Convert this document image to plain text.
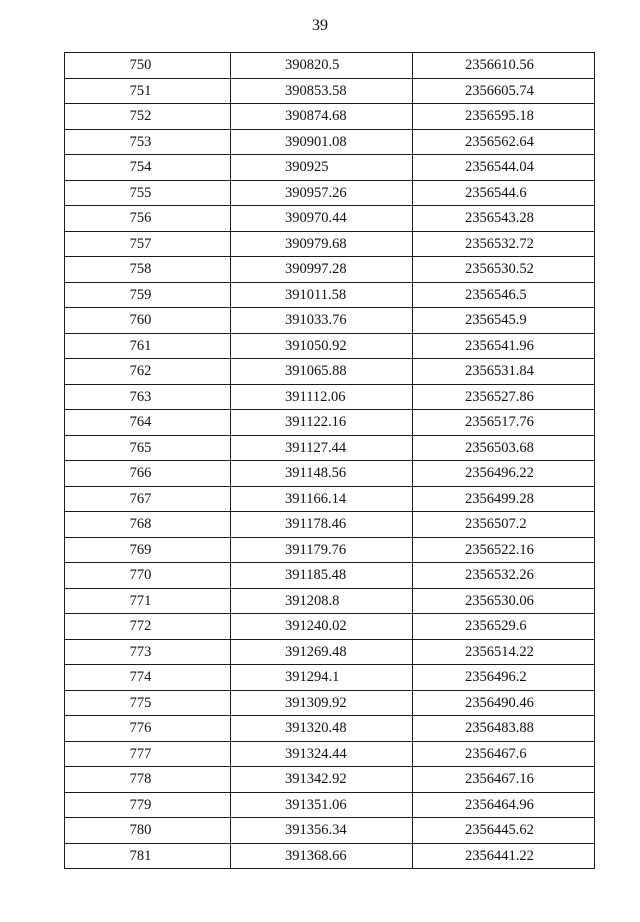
39
750	390820.5	2356610.56
751	390853.58	2356605.74
752	390874.68	2356595.18
753	390901.08	2356562.64
754	390925	2356544.04
755	390957.26	2356544.6
756	390970.44	2356543.28
757	390979.68	2356532.72
758	390997.28	2356530.52
759	391011.58	2356546.5
760	391033.76	2356545.9
761	391050.92	2356541.96
762	391065.88	2356531.84
763	391112.06	2356527.86
764	391122.16	2356517.76
765	391127.44	2356503.68
766	391148.56	2356496.22
767	391166.14	2356499.28
768	391178.46	2356507.2
769	391179.76	2356522.16
770	391185.48	2356532.26
771	391208.8	2356530.06
772	391240.02	2356529.6
773	391269.48	2356514.22
774	391294.1	2356496.2
775	391309.92	2356490.46
776	391320.48	2356483.88
777	391324.44	2356467.6
778	391342.92	2356467.16
779	391351.06	2356464.96
780	391356.34	2356445.62
781	391368.66	2356441.22
